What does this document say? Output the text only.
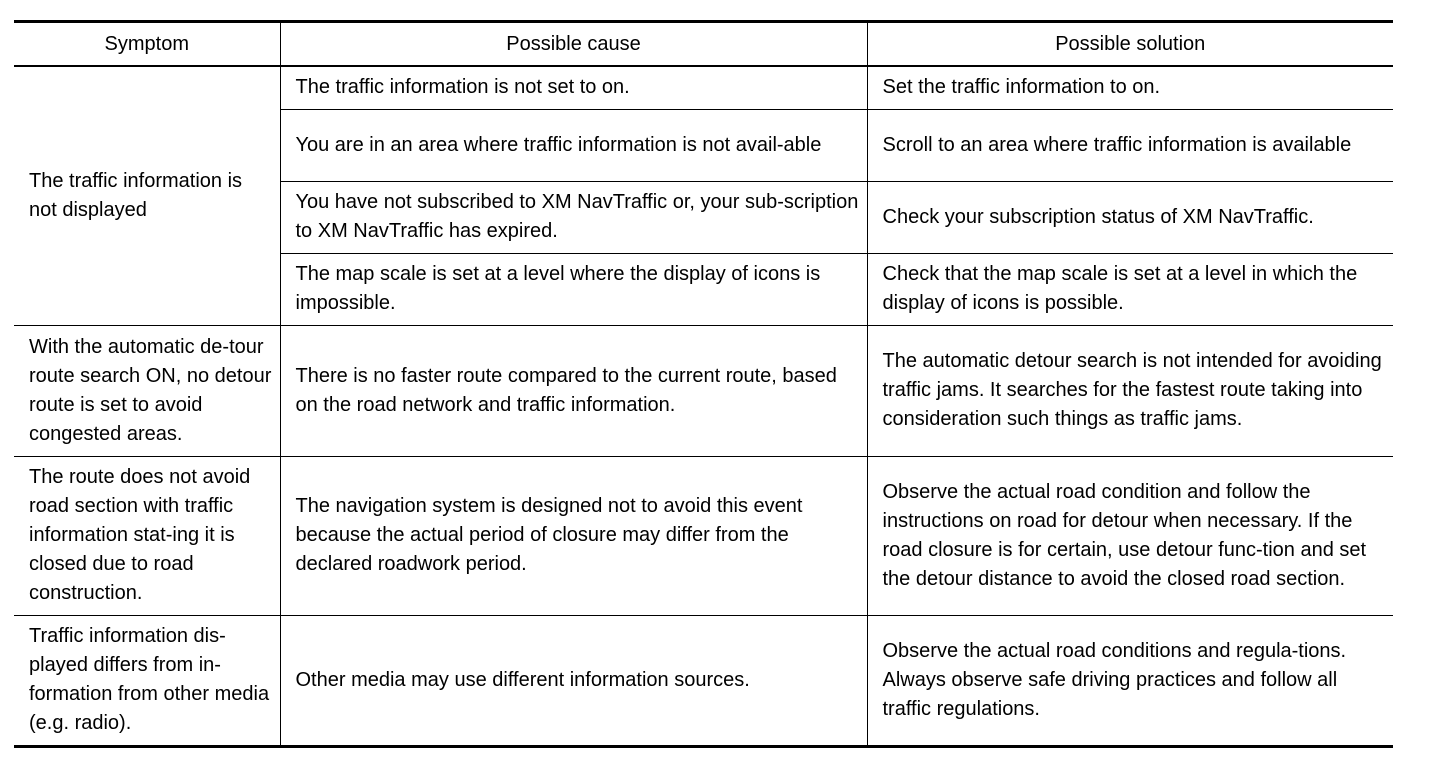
Symptom	Possible cause	Possible solution
The traffic information is not displayed	The traffic information is not set to on.	Set the traffic information to on.
	You are in an area where traffic information is not avail-able	Scroll to an area where traffic information is available
	You have not subscribed to XM NavTraffic or, your sub-scription to XM NavTraffic has expired.	Check your subscription status of XM NavTraffic.
	The map scale is set at a level where the display of icons is impossible.	Check that the map scale is set at a level in which the display of icons is possible.
With the automatic de-tour route search ON, no detour route is set to avoid congested areas.	There is no faster route compared to the current route, based on the road network and traffic information.	The automatic detour search is not intended for avoiding traffic jams. It searches for the fastest route taking into consideration such things as traffic jams.
The route does not avoid road section with traffic information stat-ing it is closed due to road construction.	The navigation system is designed not to avoid this event because the actual period of closure may differ from the declared roadwork period.	Observe the actual road condition and follow the instructions on road for detour when necessary. If the road closure is for certain, use detour func-tion and set the detour distance to avoid the closed road section.
Traffic information dis-played differs from in-formation from other media (e.g. radio).	Other media may use different information sources.	Observe the actual road conditions and regula-tions. Always observe safe driving practices and follow all traffic regulations.
